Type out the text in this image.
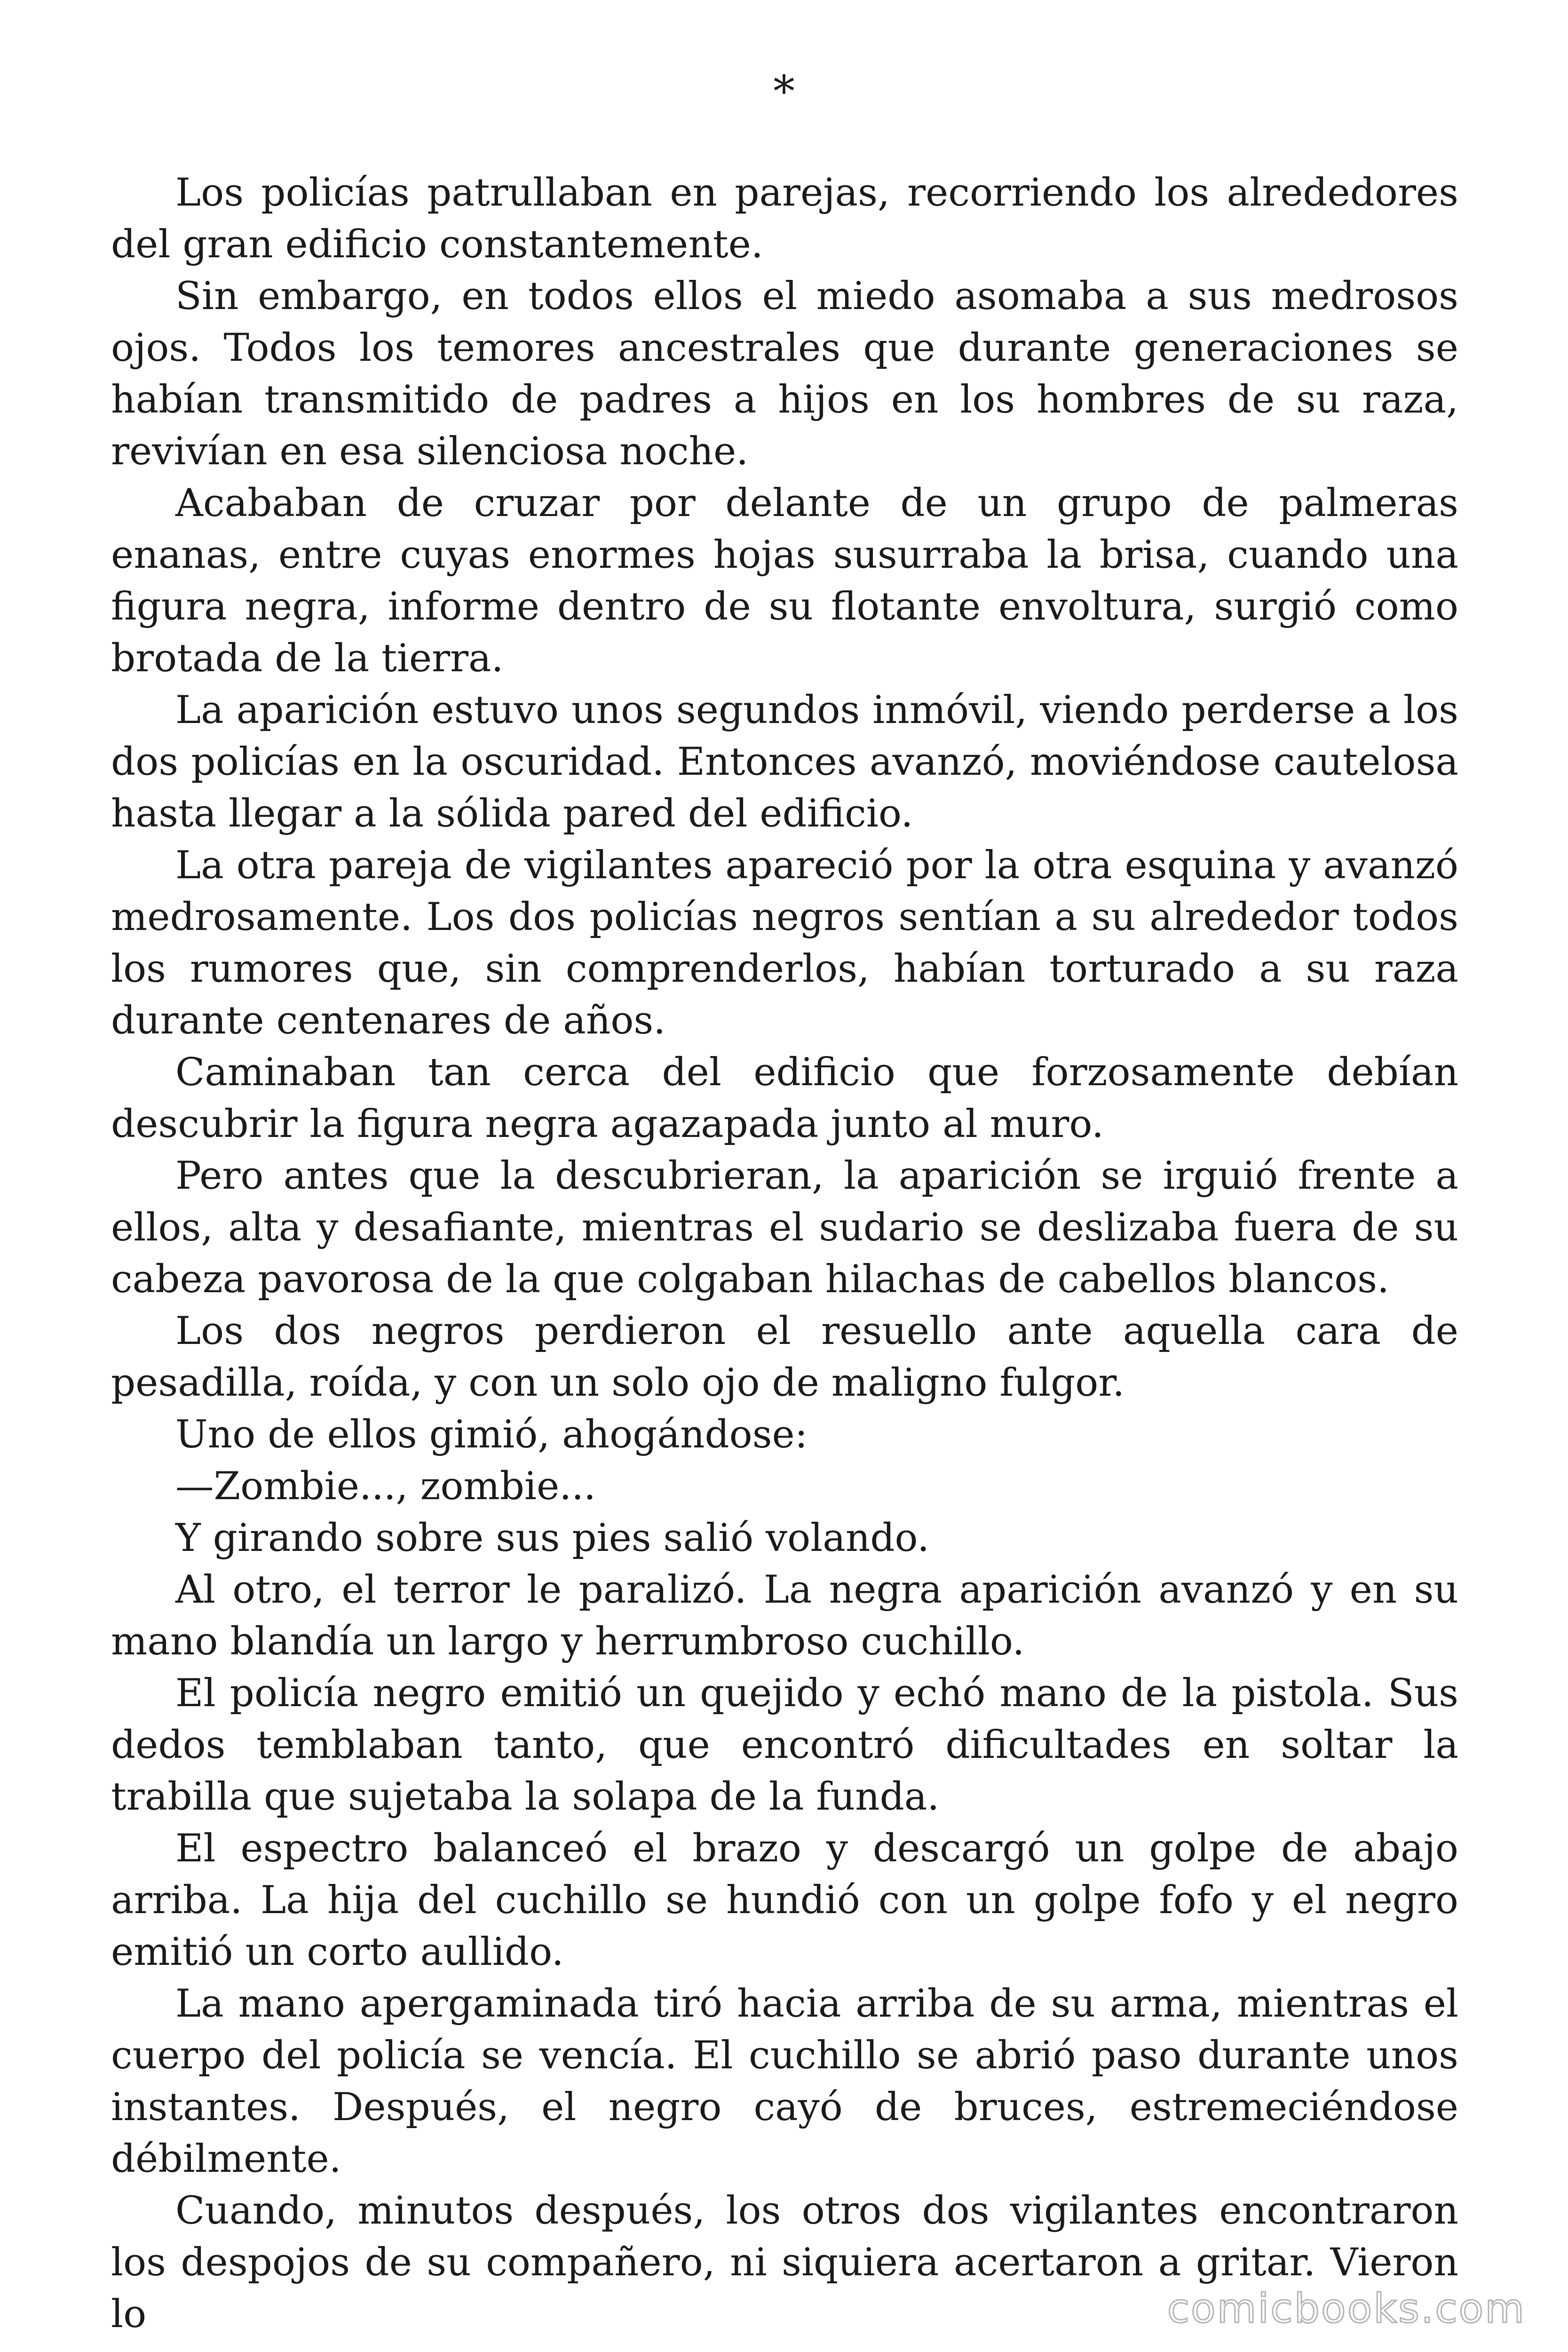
*

Los policías patrullaban en parejas, recorriendo los alrededores del gran edificio constantemente.

Sin embargo, en todos ellos el miedo asomaba a sus medrosos ojos. Todos los temores ancestrales que durante generaciones se habían transmitido de padres a hijos en los hombres de su raza, revivían en esa silenciosa noche.

Acababan de cruzar por delante de un grupo de palmeras enanas, entre cuyas enormes hojas susurraba la brisa, cuando una figura negra, informe dentro de su flotante envoltura, surgió como brotada de la tierra.

La aparición estuvo unos segundos inmóvil, viendo perderse a los dos policías en la oscuridad. Entonces avanzó, moviéndose cautelosa hasta llegar a la sólida pared del edificio.

La otra pareja de vigilantes apareció por la otra esquina y avanzó medrosamente. Los dos policías negros sentían a su alrededor todos los rumores que, sin comprenderlos, habían torturado a su raza durante centenares de años.

Caminaban tan cerca del edificio que forzosamente debían descubrir la figura negra agazapada junto al muro.

Pero antes que la descubrieran, la aparición se irguió frente a ellos, alta y desafiante, mientras el sudario se deslizaba fuera de su cabeza pavorosa de la que colgaban hilachas de cabellos blancos.

Los dos negros perdieron el resuello ante aquella cara de pesadilla, roída, y con un solo ojo de maligno fulgor.

Uno de ellos gimió, ahogándose:

—Zombie..., zombie...

Y girando sobre sus pies salió volando.

Al otro, el terror le paralizó. La negra aparición avanzó y en su mano blandía un largo y herrumbroso cuchillo.

El policía negro emitió un quejido y echó mano de la pistola. Sus dedos temblaban tanto, que encontró dificultades en soltar la trabilla que sujetaba la solapa de la funda.

El espectro balanceó el brazo y descargó un golpe de abajo arriba. La hija del cuchillo se hundió con un golpe fofo y el negro emitió un corto aullido.

La mano apergaminada tiró hacia arriba de su arma, mientras el cuerpo del policía se vencía. El cuchillo se abrió paso durante unos instantes. Después, el negro cayó de bruces, estremeciéndose débilmente.

Cuando, minutos después, los otros dos vigilantes encontraron los despojos de su compañero, ni siquiera acertaron a gritar. Vieron lo	comicbooks.com
